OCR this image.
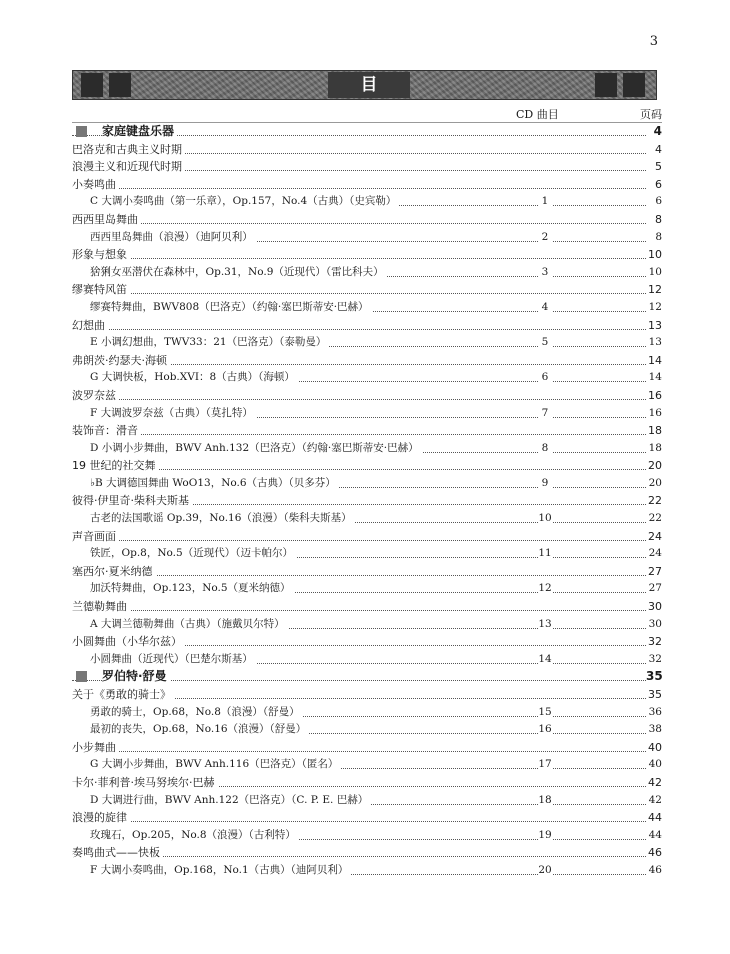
3
目 录	CD 曲目	页码
家庭键盘乐器	4
巴洛克和古典主义时期	4
浪漫主义和近现代时期	5
小奏鸣曲	6
C 大调小奏鸣曲（第一乐章），Op.157，No.4（古典）（史宾勒）	1	6
西西里岛舞曲	8
西西里岛舞曲（浪漫）（迪阿贝利）	2	8
形象与想象	10
猞猁女巫潜伏在森林中，Op.31，No.9（近现代）（雷比科夫）	3	10
缪赛特风笛	12
缪赛特舞曲，BWV808（巴洛克）（约翰·塞巴斯蒂安·巴赫）	4	12
幻想曲	13
E 小调幻想曲，TWV33：21（巴洛克）（泰勒曼）	5	13
弗朗茨·约瑟夫·海顿	14
G 大调快板，Hob.XVI：8（古典）（海顿）	6	14
波罗奈兹	16
F 大调波罗奈兹（古典）（莫扎特）	7	16
装饰音：滑音	18
D 小调小步舞曲，BWV Anh.132（巴洛克）（约翰·塞巴斯蒂安·巴赫）	8	18
19 世纪的社交舞	20
♭B 大调德国舞曲 WoO13，No.6（古典）（贝多芬）	9	20
彼得·伊里奇·柴科夫斯基	22
古老的法国歌谣 Op.39，No.16（浪漫）（柴科夫斯基）	10	22
声音画面	24
铁匠，Op.8，No.5（近现代）（迈卡帕尔）	11	24
塞西尔·夏米纳德	27
加沃特舞曲，Op.123，No.5（夏米纳德）	12	27
兰德勒舞曲	30
A 大调兰德勒舞曲（古典）（施戴贝尔特）	13	30
小圆舞曲（小华尔兹）	32
小圆舞曲（近现代）（巴楚尔斯基）	14	32
罗伯特·舒曼	35
关于《勇敢的骑士》	35
勇敢的骑士，Op.68，No.8（浪漫）（舒曼）	15	36
最初的丧失，Op.68，No.16（浪漫）（舒曼）	16	38
小步舞曲	40
G 大调小步舞曲，BWV Anh.116（巴洛克）（匿名）	17	40
卡尔·菲利普·埃马努埃尔·巴赫	42
D 大调进行曲，BWV Anh.122（巴洛克）（C. P. E. 巴赫）	18	42
浪漫的旋律	44
玫瑰石，Op.205，No.8（浪漫）（古利特）	19	44
奏鸣曲式——快板	46
F 大调小奏鸣曲，Op.168，No.1（古典）（迪阿贝利）	20	46
